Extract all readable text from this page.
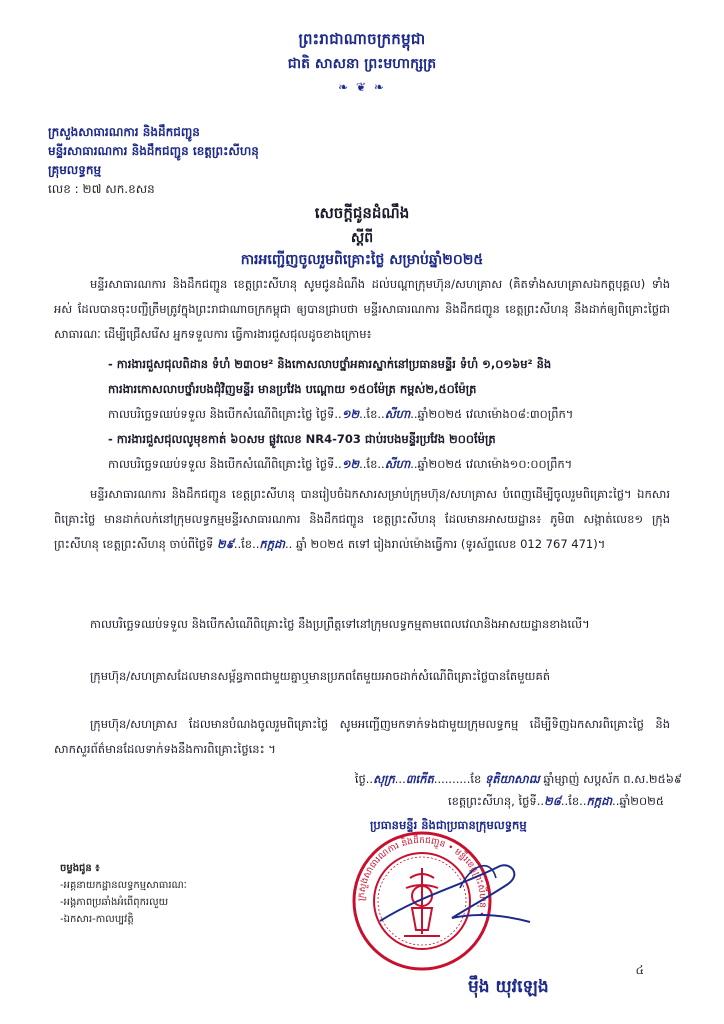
ព្រះរាជាណាចក្រកម្ពុជា
ជាតិ សាសនា ព្រះមហាក្សត្រ
❧ ❦ ❧
ក្រសួងសាធារណការ និងដឹកជញ្ជូន
មន្ទីរសាធារណការ និងដឹកជញ្ជូន ខេត្តព្រះសីហនុ
គ្រុមលទ្ធកម្ម
លេខ : ២៧ សក.ខសន
សេចក្ដីជូនដំណឹង
ស្ដីពី
ការអញ្ជើញចូលរួមពិគ្រោះថ្លៃ សម្រាប់ឆ្នាំ២០២៥
មន្ទីរសាធារណការ និងដឹកជញ្ជូន ខេត្តព្រះសីហនុ សូមជូនដំណឹង ដល់បណ្ដាក្រុមហ៊ុន/សហគ្រាស (គិតទាំងសហគ្រាសឯកត្តបុគ្គល) ទាំងអស់ ដែលបានចុះបញ្ជីត្រឹមត្រូវក្នុងព្រះរាជាណាចក្រកម្ពុជា ឲ្យបានជ្រាបថា មន្ទីរសាធារណការ និងដឹកជញ្ជូន ខេត្តព្រះសីហនុ នឹងដាក់ឲ្យពិគ្រោះថ្លៃជាសាធារណៈ ដើម្បីជ្រើសរើស អ្នកទទួលការ ធ្វើការងារជួសជុលដូចខាងក្រោម៖
- ការងារជួសជុលពិដាន ទំហំ ២៣០ម² និងកោសលាបថ្នាំអគារស្នាក់នៅប្រធានមន្ទីរ ទំហំ ១,០១៦ម² និង
ការងារកោសលាបថ្នាំរបងជុំវិញមន្ទីរ មានប្រវែង បណ្ដោយ ១៥០ម៉ែត្រ កម្ពស់២,៥០ម៉ែត្រ
កាលបរិច្ឆេទឈប់ទទួល និងបើកសំណើពិគ្រោះថ្លៃ ថ្ងៃទី..១២..ខែ..សីហា..ឆ្នាំ២០២៥ វេលាម៉ោង០៨:៣០ព្រឹក។
- ការងារជួសជុលលូមុខកាត់ ៦០សម ផ្លូវលេខ NR4-703 ជាប់របងមន្ទីរប្រវែង ២០០ម៉ែត្រ
កាលបរិច្ឆេទឈប់ទទួល និងបើកសំណើពិគ្រោះថ្លៃ ថ្ងៃទី..១២..ខែ..សីហា..ឆ្នាំ២០២៥ វេលាម៉ោង១០:០០ព្រឹក។
មន្ទីរសាធារណការ និងដឹកជញ្ជូន ខេត្តព្រះសីហនុ បានរៀបចំឯកសារសម្រាប់ក្រុមហ៊ុន/សហគ្រាស បំពេញដើម្បីចូលរួមពិគ្រោះថ្លៃ។ ឯកសារពិគ្រោះថ្លៃ មានដាក់លក់នៅក្រុមលទ្ធកម្មមន្ទីរសាធារណការ និងដឹកជញ្ជូន ខេត្តព្រះសីហនុ ដែលមានអាសយដ្ឋាន៖ ភូមិ៣ សង្កាត់លេខ១ ក្រុងព្រះសីហនុ ខេត្តព្រះសីហនុ ចាប់ពីថ្ងៃទី ២៩..ខែ..កក្កដា.. ឆ្នាំ ២០២៥ តទៅ រៀងរាល់ម៉ោងធ្វើការ (ទូរស័ព្ទលេខ 012 767 471)។
កាលបរិច្ឆេទឈប់ទទួល និងបើកសំណើពិគ្រោះថ្លៃ នឹងប្រព្រឹត្តទៅនៅក្រុមលទ្ធកម្មតាមពេលវេលានិងអាសយដ្ឋានខាងលើ។
ក្រុមហ៊ុន/សហគ្រាសដែលមានសម្ព័ន្ធភាពជាមួយគ្នាឬមានប្រភពតែមួយអាចដាក់សំណើពិគ្រោះថ្លៃបានតែមួយគត់
ក្រុមហ៊ុន/សហគ្រាស ដែលមានបំណងចូលរួមពិគ្រោះថ្លៃ សូមអញ្ជើញមកទាក់ទងជាមួយក្រុមលទ្ធកម្ម ដើម្បីទិញឯកសារពិគ្រោះថ្លៃ និងសាកសួរព័ត៌មានដែលទាក់ទងនឹងការពិគ្រោះថ្លៃនេះ ។
ថ្ងៃ..សុក្រ...៣កើត..........ខែ ទុតិយាសាឍ ឆ្នាំម្សាញ់ សប្តស័ក ព.ស.២៥៦៩
ខេត្តព្រះសីហនុ, ថ្ងៃទី..២៨..ខែ..កក្កដា..ឆ្នាំ២០២៥
ប្រធានមន្ទីរ និងជាប្រធានក្រុមលទ្ធកម្ម
ក្រសួងសាធារណការ និងដឹកជញ្ជូន • មន្ទីរខេត្តព្រះសីហនុ •
ម៉ឹង យុវឡេង
ចម្លងជូន ៖
-អគ្គនាយកដ្ឋានលទ្ធកម្មសាធារណៈ
-អង្គភាពប្រឆាំងអំពើពុករលួយ
-ឯកសារ-កាលប្បវត្តិ
៤
